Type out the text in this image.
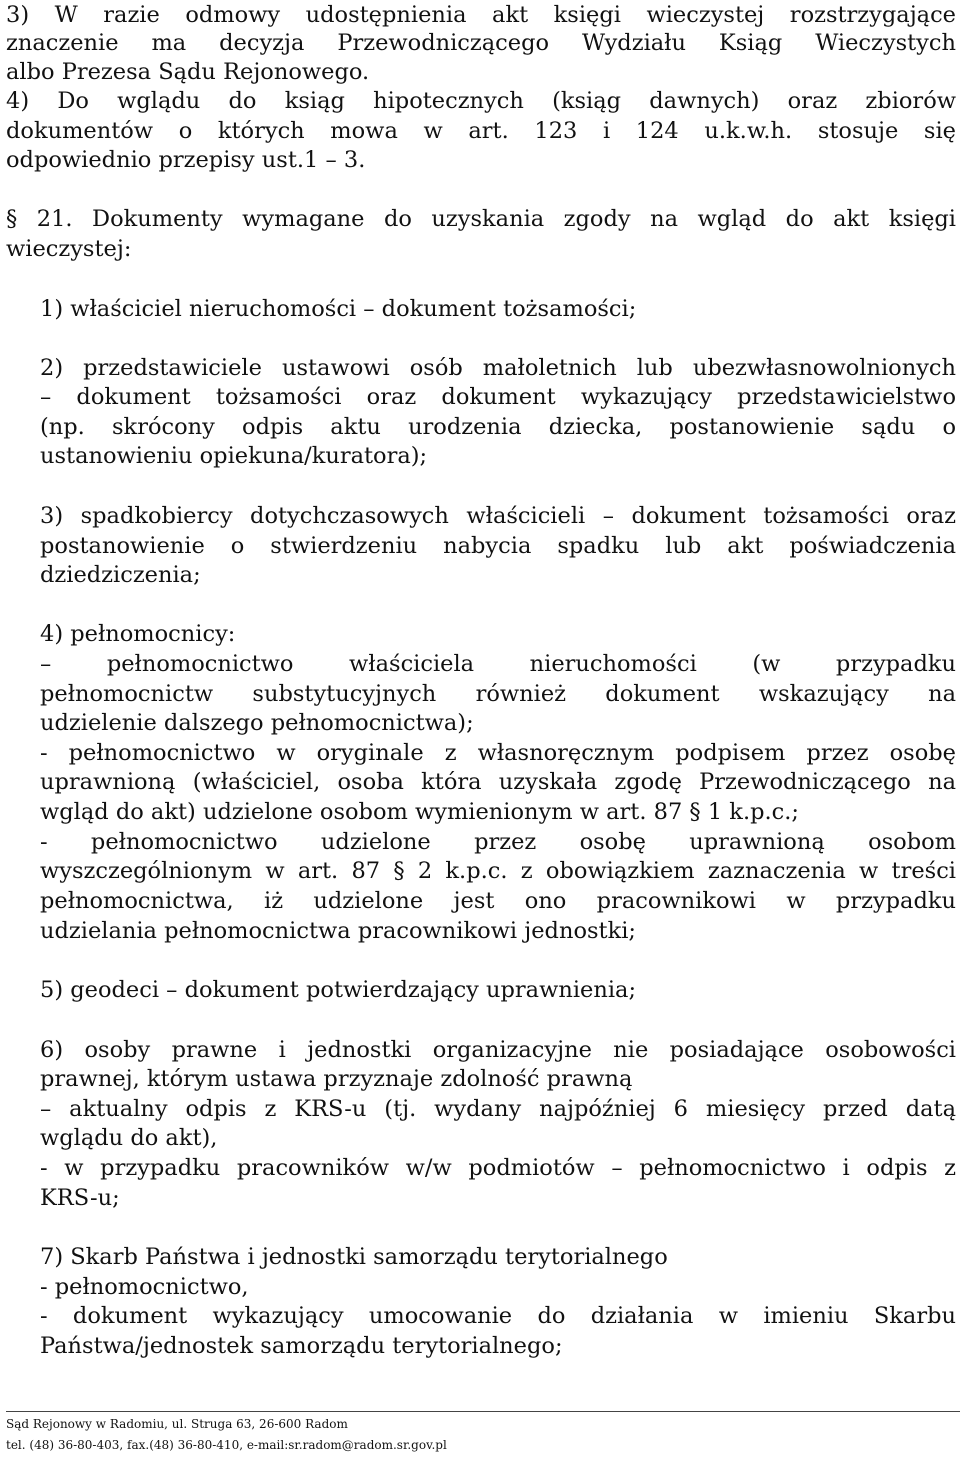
3) W razie odmowy udostępnienia akt księgi wieczystej rozstrzygające
znaczenie ma decyzja Przewodniczącego Wydziału Ksiąg Wieczystych
albo Prezesa Sądu Rejonowego.
4) Do wglądu do ksiąg hipotecznych (ksiąg dawnych) oraz zbiorów
dokumentów o których mowa w art. 123 i 124 u.k.w.h. stosuje się
odpowiednio przepisy ust.1 – 3.
§ 21. Dokumenty wymagane do uzyskania zgody na wgląd do akt księgi
wieczystej:
1) właściciel nieruchomości – dokument tożsamości;
2) przedstawiciele ustawowi osób małoletnich lub ubezwłasnowolnionych
– dokument tożsamości oraz dokument wykazujący przedstawicielstwo
(np. skrócony odpis aktu urodzenia dziecka, postanowienie sądu o
ustanowieniu opiekuna/kuratora);
3) spadkobiercy dotychczasowych właścicieli – dokument tożsamości oraz
postanowienie o stwierdzeniu nabycia spadku lub akt poświadczenia
dziedziczenia;
4) pełnomocnicy:
– pełnomocnictwo właściciela nieruchomości (w przypadku
pełnomocnictw substytucyjnych również dokument wskazujący na
udzielenie dalszego pełnomocnictwa);
- pełnomocnictwo w oryginale z własnoręcznym podpisem przez osobę
uprawnioną (właściciel, osoba która uzyskała zgodę Przewodniczącego na
wgląd do akt) udzielone osobom wymienionym w art. 87 § 1 k.p.c.;
- pełnomocnictwo udzielone przez osobę uprawnioną osobom
wyszczególnionym w art. 87 § 2 k.p.c. z obowiązkiem zaznaczenia w treści
pełnomocnictwa, iż udzielone jest ono pracownikowi w przypadku
udzielania pełnomocnictwa pracownikowi jednostki;
5) geodeci – dokument potwierdzający uprawnienia;
6) osoby prawne i jednostki organizacyjne nie posiadające osobowości
prawnej, którym ustawa przyznaje zdolność prawną
– aktualny odpis z KRS-u (tj. wydany najpóźniej 6 miesięcy przed datą
wglądu do akt),
- w przypadku pracowników w/w podmiotów – pełnomocnictwo i odpis z
KRS-u;
7) Skarb Państwa i jednostki samorządu terytorialnego
- pełnomocnictwo,
- dokument wykazujący umocowanie do działania w imieniu Skarbu
Państwa/jednostek samorządu terytorialnego;
Sąd Rejonowy w Radomiu, ul. Struga 63, 26-600 Radom
tel. (48) 36-80-403, fax.(48) 36-80-410, e-mail:sr.radom@radom.sr.gov.pl
